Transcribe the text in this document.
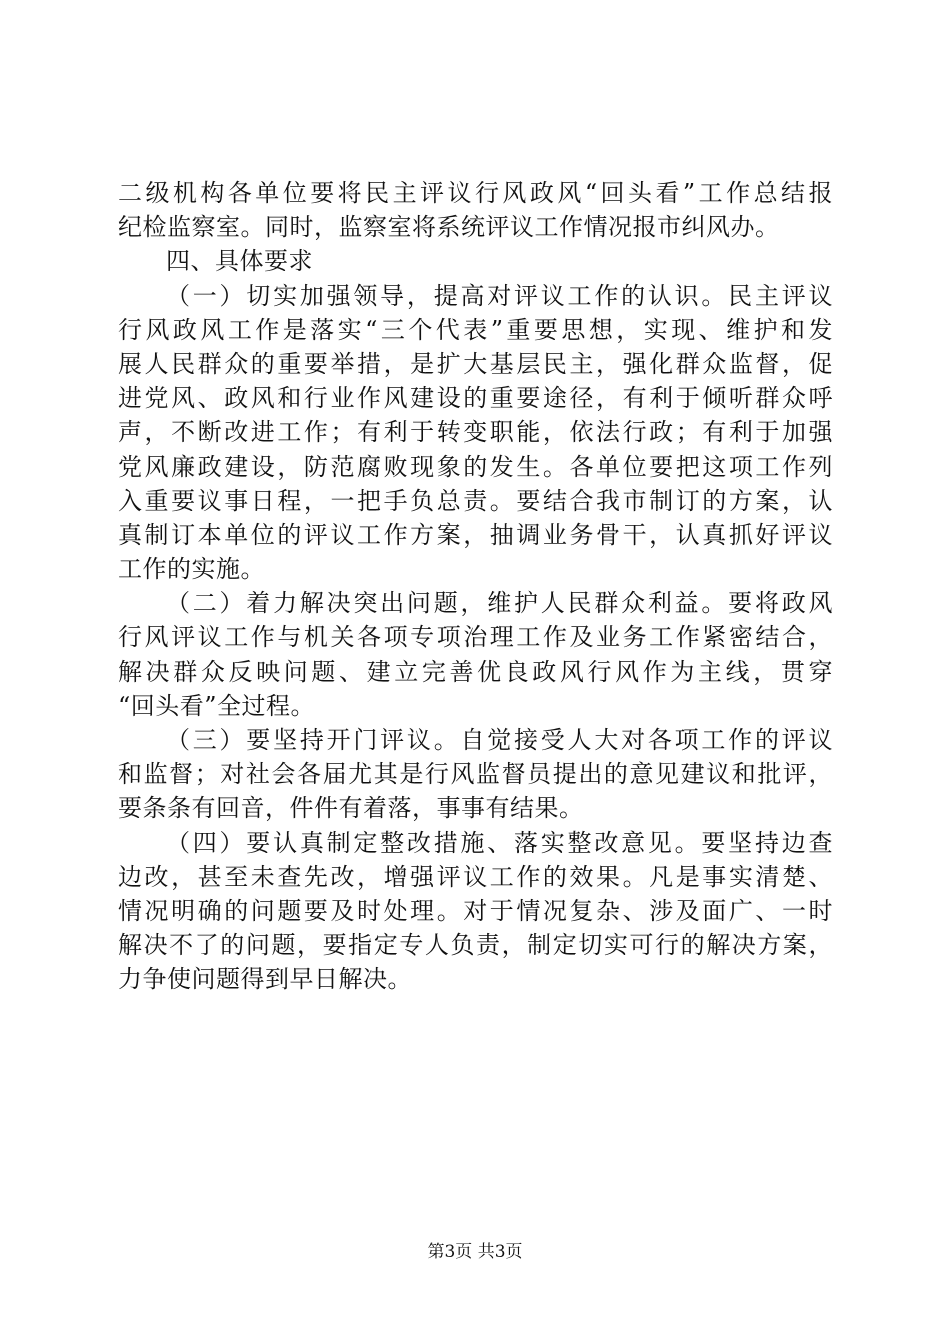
二级机构各单位要将民主评议行风政风“回头看”工作总结报
纪检监察室。同时，监察室将系统评议工作情况报市纠风办。
四、具体要求
（一）切实加强领导，提高对评议工作的认识。民主评议
行风政风工作是落实“三个代表”重要思想，实现、维护和发
展人民群众的重要举措，是扩大基层民主，强化群众监督，促
进党风、政风和行业作风建设的重要途径，有利于倾听群众呼
声，不断改进工作；有利于转变职能，依法行政；有利于加强
党风廉政建设，防范腐败现象的发生。各单位要把这项工作列
入重要议事日程，一把手负总责。要结合我市制订的方案，认
真制订本单位的评议工作方案，抽调业务骨干，认真抓好评议
工作的实施。
（二）着力解决突出问题，维护人民群众利益。要将政风
行风评议工作与机关各项专项治理工作及业务工作紧密结合，
解决群众反映问题、建立完善优良政风行风作为主线，贯穿
“回头看”全过程。
（三）要坚持开门评议。自觉接受人大对各项工作的评议
和监督；对社会各届尤其是行风监督员提出的意见建议和批评，
要条条有回音，件件有着落，事事有结果。
（四）要认真制定整改措施、落实整改意见。要坚持边查
边改，甚至未查先改，增强评议工作的效果。凡是事实清楚、
情况明确的问题要及时处理。对于情况复杂、涉及面广、一时
解决不了的问题，要指定专人负责，制定切实可行的解决方案，
力争使问题得到早日解决。
第3页 共3页
